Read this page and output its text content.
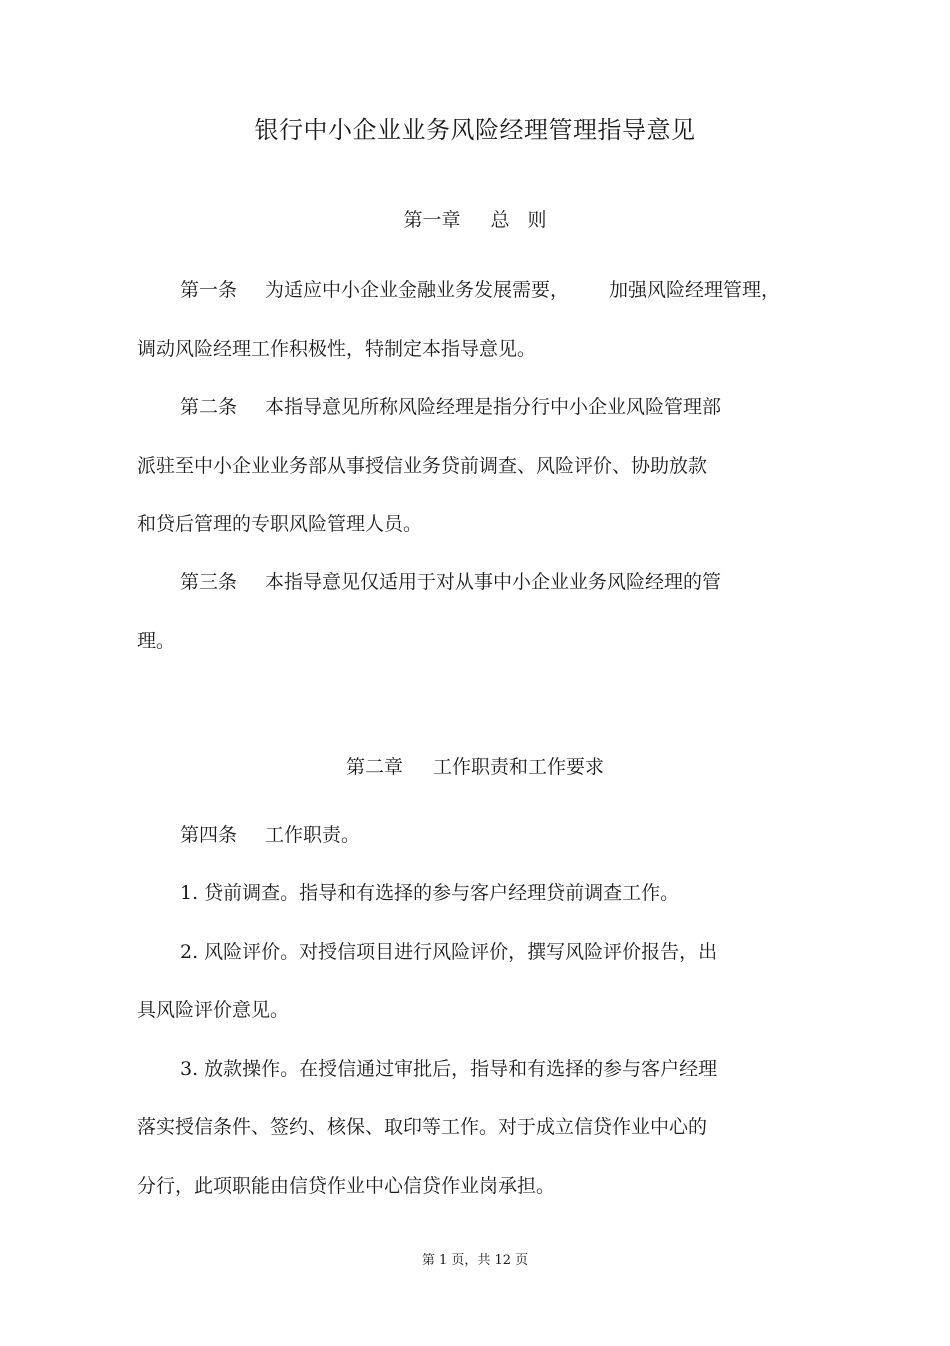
银行中小企业业务风险经理管理指导意见
第一章 总 则
第一条 为适应中小企业金融业务发展需要， 加强风险经理管理，
调动风险经理工作积极性，特制定本指导意见。
第二条 本指导意见所称风险经理是指分行中小企业风险管理部
派驻至中小企业业务部从事授信业务贷前调查、风险评价、协助放款
和贷后管理的专职风险管理人员。
第三条 本指导意见仅适用于对从事中小企业业务风险经理的管
理。
第二章 工作职责和工作要求
第四条 工作职责。
1. 贷前调查。指导和有选择的参与客户经理贷前调查工作。
2. 风险评价。对授信项目进行风险评价，撰写风险评价报告，出
具风险评价意见。
3. 放款操作。在授信通过审批后，指导和有选择的参与客户经理
落实授信条件、签约、核保、取印等工作。对于成立信贷作业中心的
分行，此项职能由信贷作业中心信贷作业岗承担。
第 1 页，共 12 页
